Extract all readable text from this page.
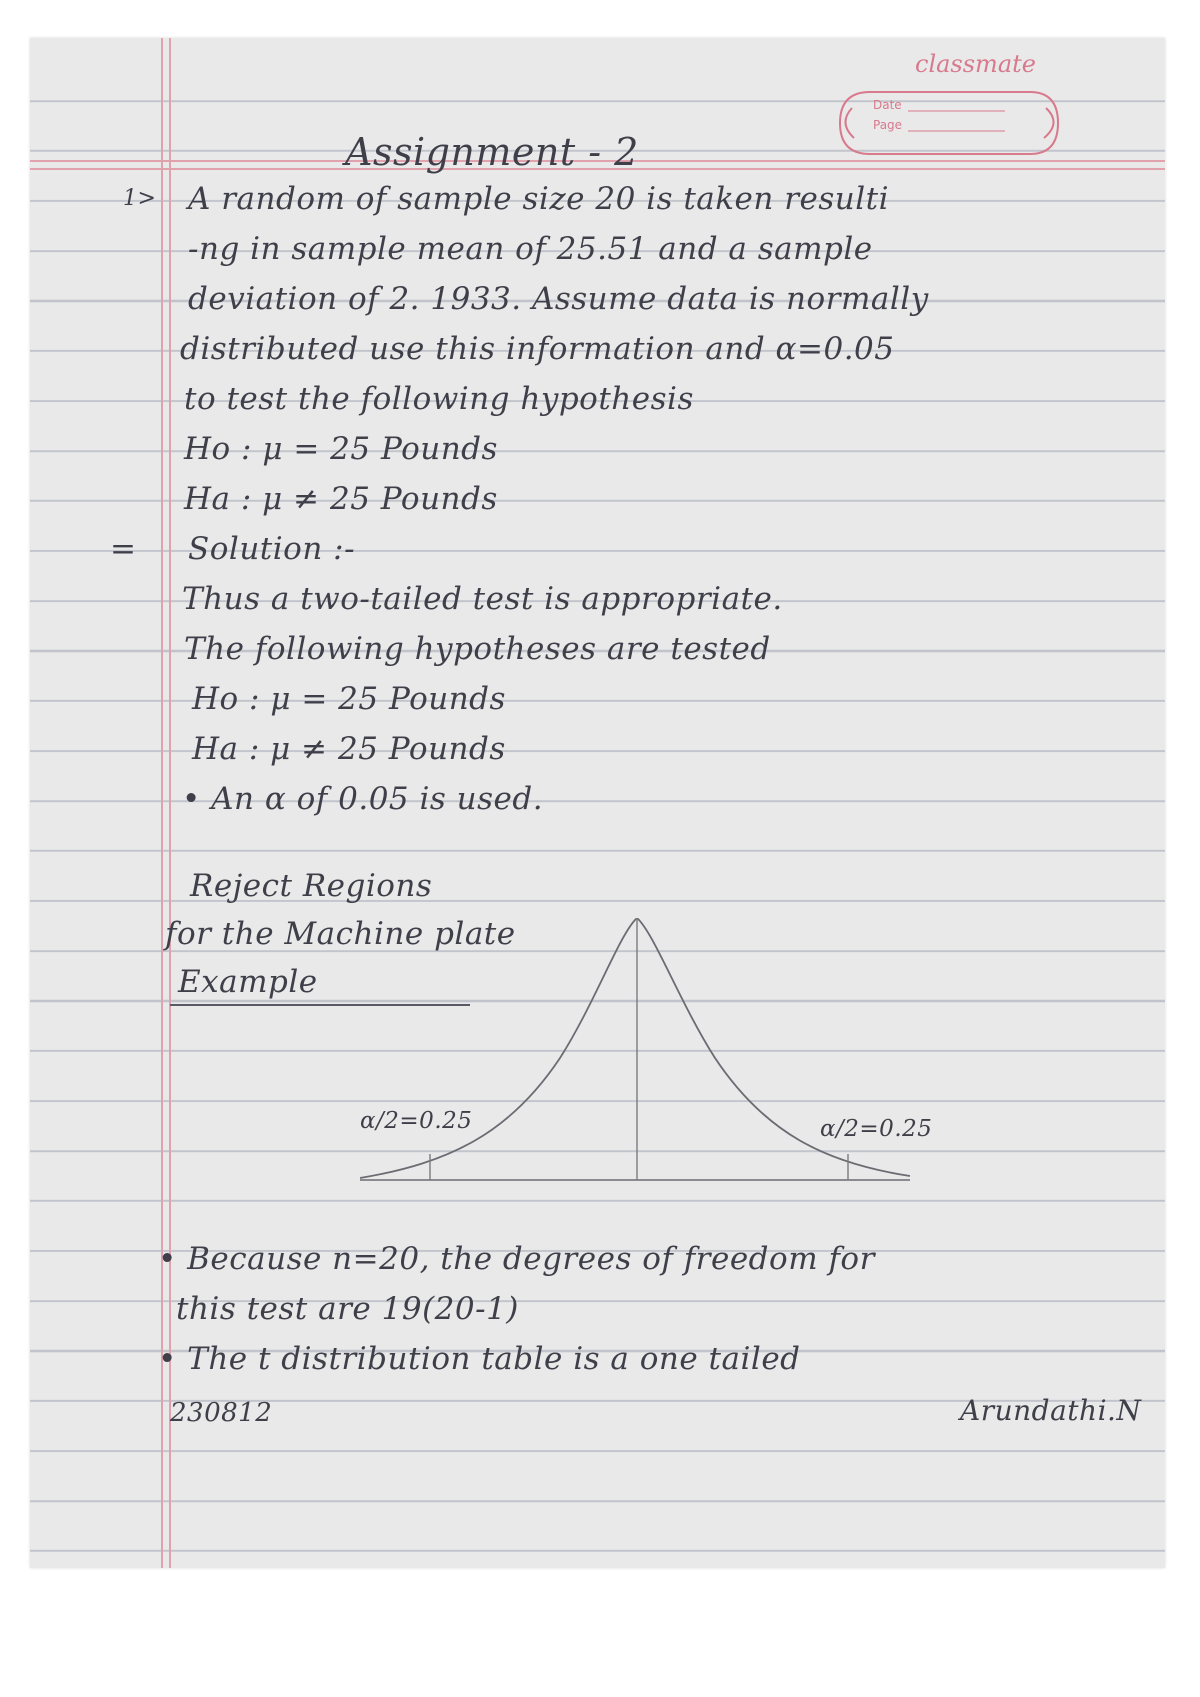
classmate
Date
Page
Assignment - 2
1> A random of sample size 20 is taken resulti
-ng in sample mean of 25.51 and a sample
deviation of 2. 1933. Assume data is normally
distributed use this information and α=0.05
to test the following hypothesis
Ho : μ = 25 Pounds
Ha : μ ≠ 25 Pounds
= Solution :-
Thus a two-tailed test is appropriate.
The following hypotheses are tested
Ho : μ = 25 Pounds
Ha : μ ≠ 25 Pounds
• An α of 0.05 is used.
Reject Regions
for the Machine plate
Example
α/2=0.25	α/2=0.25
• Because n=20, the degrees of freedom for
this test are 19(20-1)
• The t distribution table is a one tailed
230812	Arundathi.N
